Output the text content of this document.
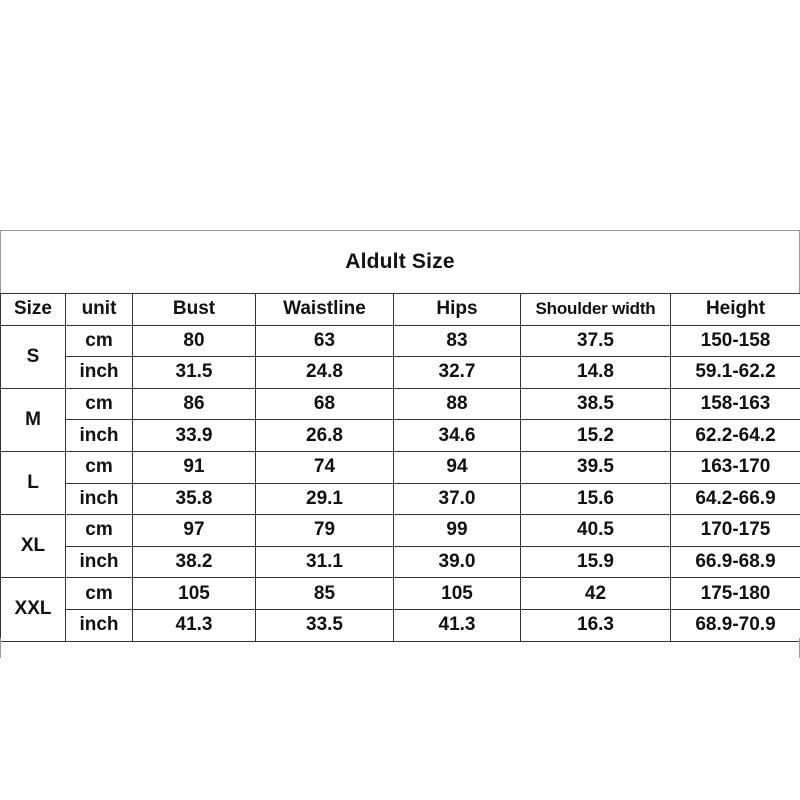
Aldult Size
Size	unit	Bust	Waistline	Hips	Shoulder width	Height
S	cm	80	63	83	37.5	150-158
	inch	31.5	24.8	32.7	14.8	59.1-62.2
M	cm	86	68	88	38.5	158-163
	inch	33.9	26.8	34.6	15.2	62.2-64.2
L	cm	91	74	94	39.5	163-170
	inch	35.8	29.1	37.0	15.6	64.2-66.9
XL	cm	97	79	99	40.5	170-175
	inch	38.2	31.1	39.0	15.9	66.9-68.9
XXL	cm	105	85	105	42	175-180
	inch	41.3	33.5	41.3	16.3	68.9-70.9
